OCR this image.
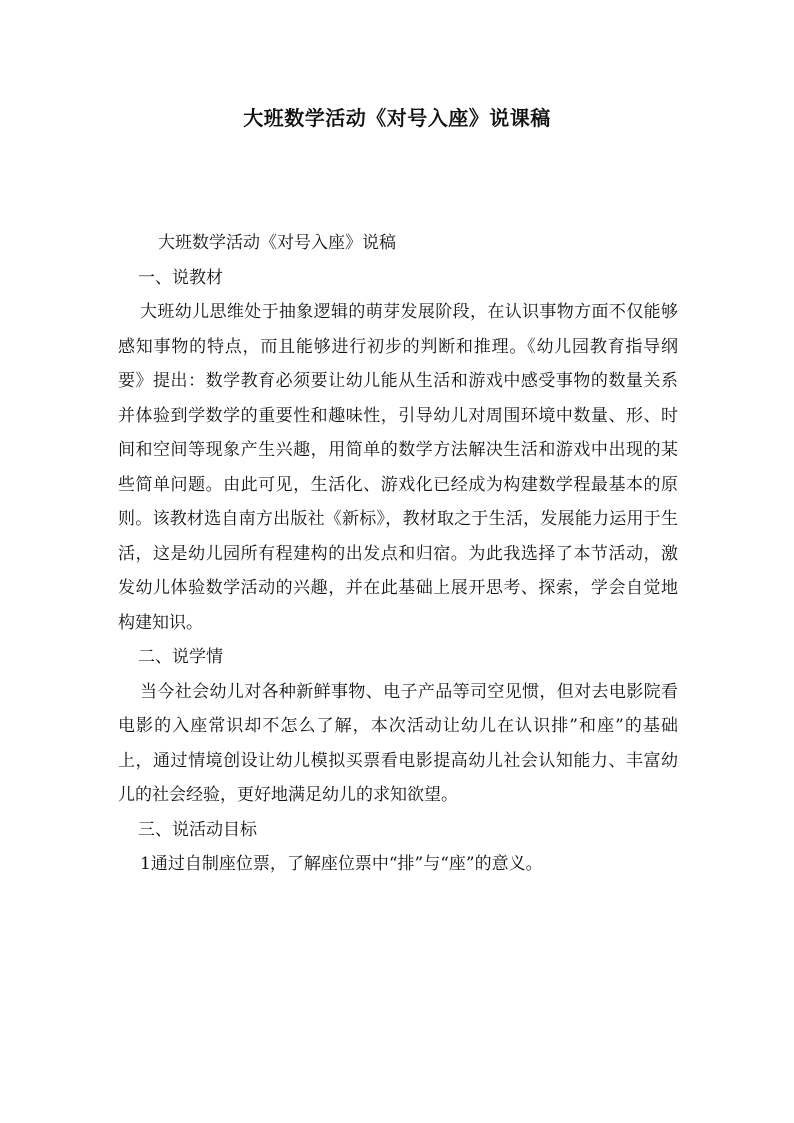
大班数学活动《对号入座》说课稿
大班数学活动《对号入座》说稿
一、说教材

大班幼儿思维处于抽象逻辑的萌芽发展阶段，在认识事物方面不仅能够感知事物的特点，而且能够进行初步的判断和推理。《幼儿园教育指导纲要》提出：数学教育必须要让幼儿能从生活和游戏中感受事物的数量关系并体验到学数学的重要性和趣味性，引导幼儿对周围环境中数量、形、时间和空间等现象产生兴趣，用简单的数学方法解决生活和游戏中出现的某些简单问题。由此可见，生活化、游戏化已经成为构建数学程最基本的原则。该教材选自南方出版社《新标》，教材取之于生活，发展能力运用于生活，这是幼儿园所有程建构的出发点和归宿。为此我选择了本节活动，激发幼儿体验数学活动的兴趣，并在此基础上展开思考、探索，学会自觉地构建知识。

二、说学情

当今社会幼儿对各种新鲜事物、电子产品等司空见惯，但对去电影院看电影的入座常识却不怎么了解，本次活动让幼儿在认识排”和座”的基础上，通过情境创设让幼儿模拟买票看电影提高幼儿社会认知能力、丰富幼儿的社会经验，更好地满足幼儿的求知欲望。

三、说活动目标

1通过自制座位票，了解座位票中“排”与“座”的意义。
